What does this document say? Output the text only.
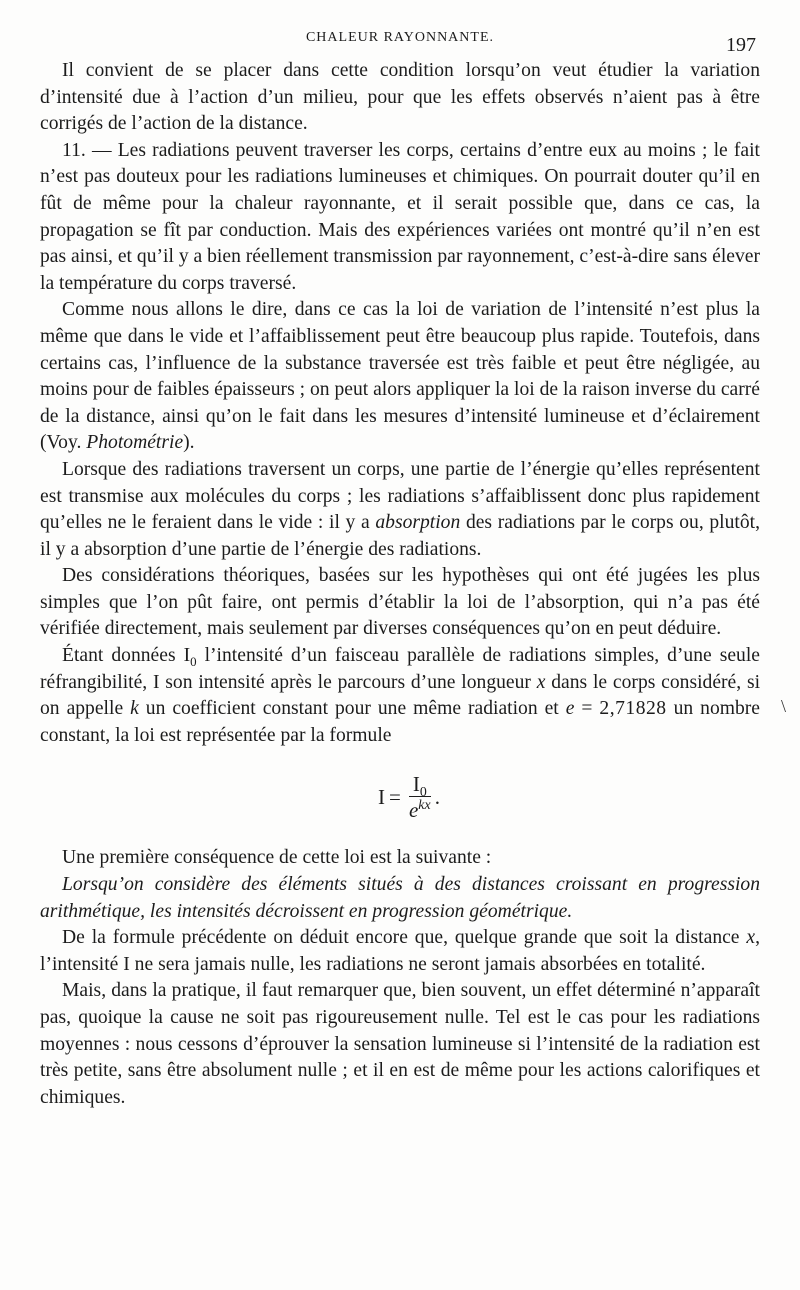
CHALEUR RAYONNANTE.	197

Il convient de se placer dans cette condition lorsqu’on veut étudier la variation d’intensité due à l’action d’un milieu, pour que les effets observés n’aient pas à être corrigés de l’action de la distance.

11. — Les radiations peuvent traverser les corps, certains d’entre eux au moins ; le fait n’est pas douteux pour les radiations lumineuses et chimiques. On pourrait douter qu’il en fût de même pour la chaleur rayonnante, et il serait possible que, dans ce cas, la propagation se fît par conduction. Mais des expériences variées ont montré qu’il n’en est pas ainsi, et qu’il y a bien réellement transmission par rayonnement, c’est-à-dire sans élever la température du corps traversé.

Comme nous allons le dire, dans ce cas la loi de variation de l’intensité n’est plus la même que dans le vide et l’affaiblissement peut être beaucoup plus rapide. Toutefois, dans certains cas, l’influence de la substance traversée est très faible et peut être négligée, au moins pour de faibles épaisseurs ; on peut alors appliquer la loi de la raison inverse du carré de la distance, ainsi qu’on le fait dans les mesures d’intensité lumineuse et d’éclairement (Voy. Photométrie).

Lorsque des radiations traversent un corps, une partie de l’énergie qu’elles représentent est transmise aux molécules du corps ; les radiations s’affaiblissent donc plus rapidement qu’elles ne le feraient dans le vide : il y a absorption des radiations par le corps ou, plutôt, il y a absorption d’une partie de l’énergie des radiations.

Des considérations théoriques, basées sur les hypothèses qui ont été jugées les plus simples que l’on pût faire, ont permis d’établir la loi de l’absorption, qui n’a pas été vérifiée directement, mais seulement par diverses conséquences qu’on en peut déduire.

Étant données $I_0$ l’intensité d’un faisceau parallèle de radiations simples, d’une seule réfrangibilité, I son intensité après le parcours d’une longueur x dans le corps considéré, si on appelle k un coefficient constant pour une même radiation et e = 2,71828 un nombre constant, la loi est représentée par la formule

$I = \frac{I_0}{e^{kx}}$ .

Une première conséquence de cette loi est la suivante :

Lorsqu’on considère des éléments situés à des distances croissant en progression arithmétique, les intensités décroissent en progression géométrique.

De la formule précédente on déduit encore que, quelque grande que soit la distance x, l’intensité I ne sera jamais nulle, les radiations ne seront jamais absorbées en totalité.

Mais, dans la pratique, il faut remarquer que, bien souvent, un effet déterminé n’apparaît pas, quoique la cause ne soit pas rigoureusement nulle. Tel est le cas pour les radiations moyennes : nous cessons d’éprouver la sensation lumineuse si l’intensité de la radiation est très petite, sans être absolument nulle ; et il en est de même pour les actions calorifiques et chimiques.

\
